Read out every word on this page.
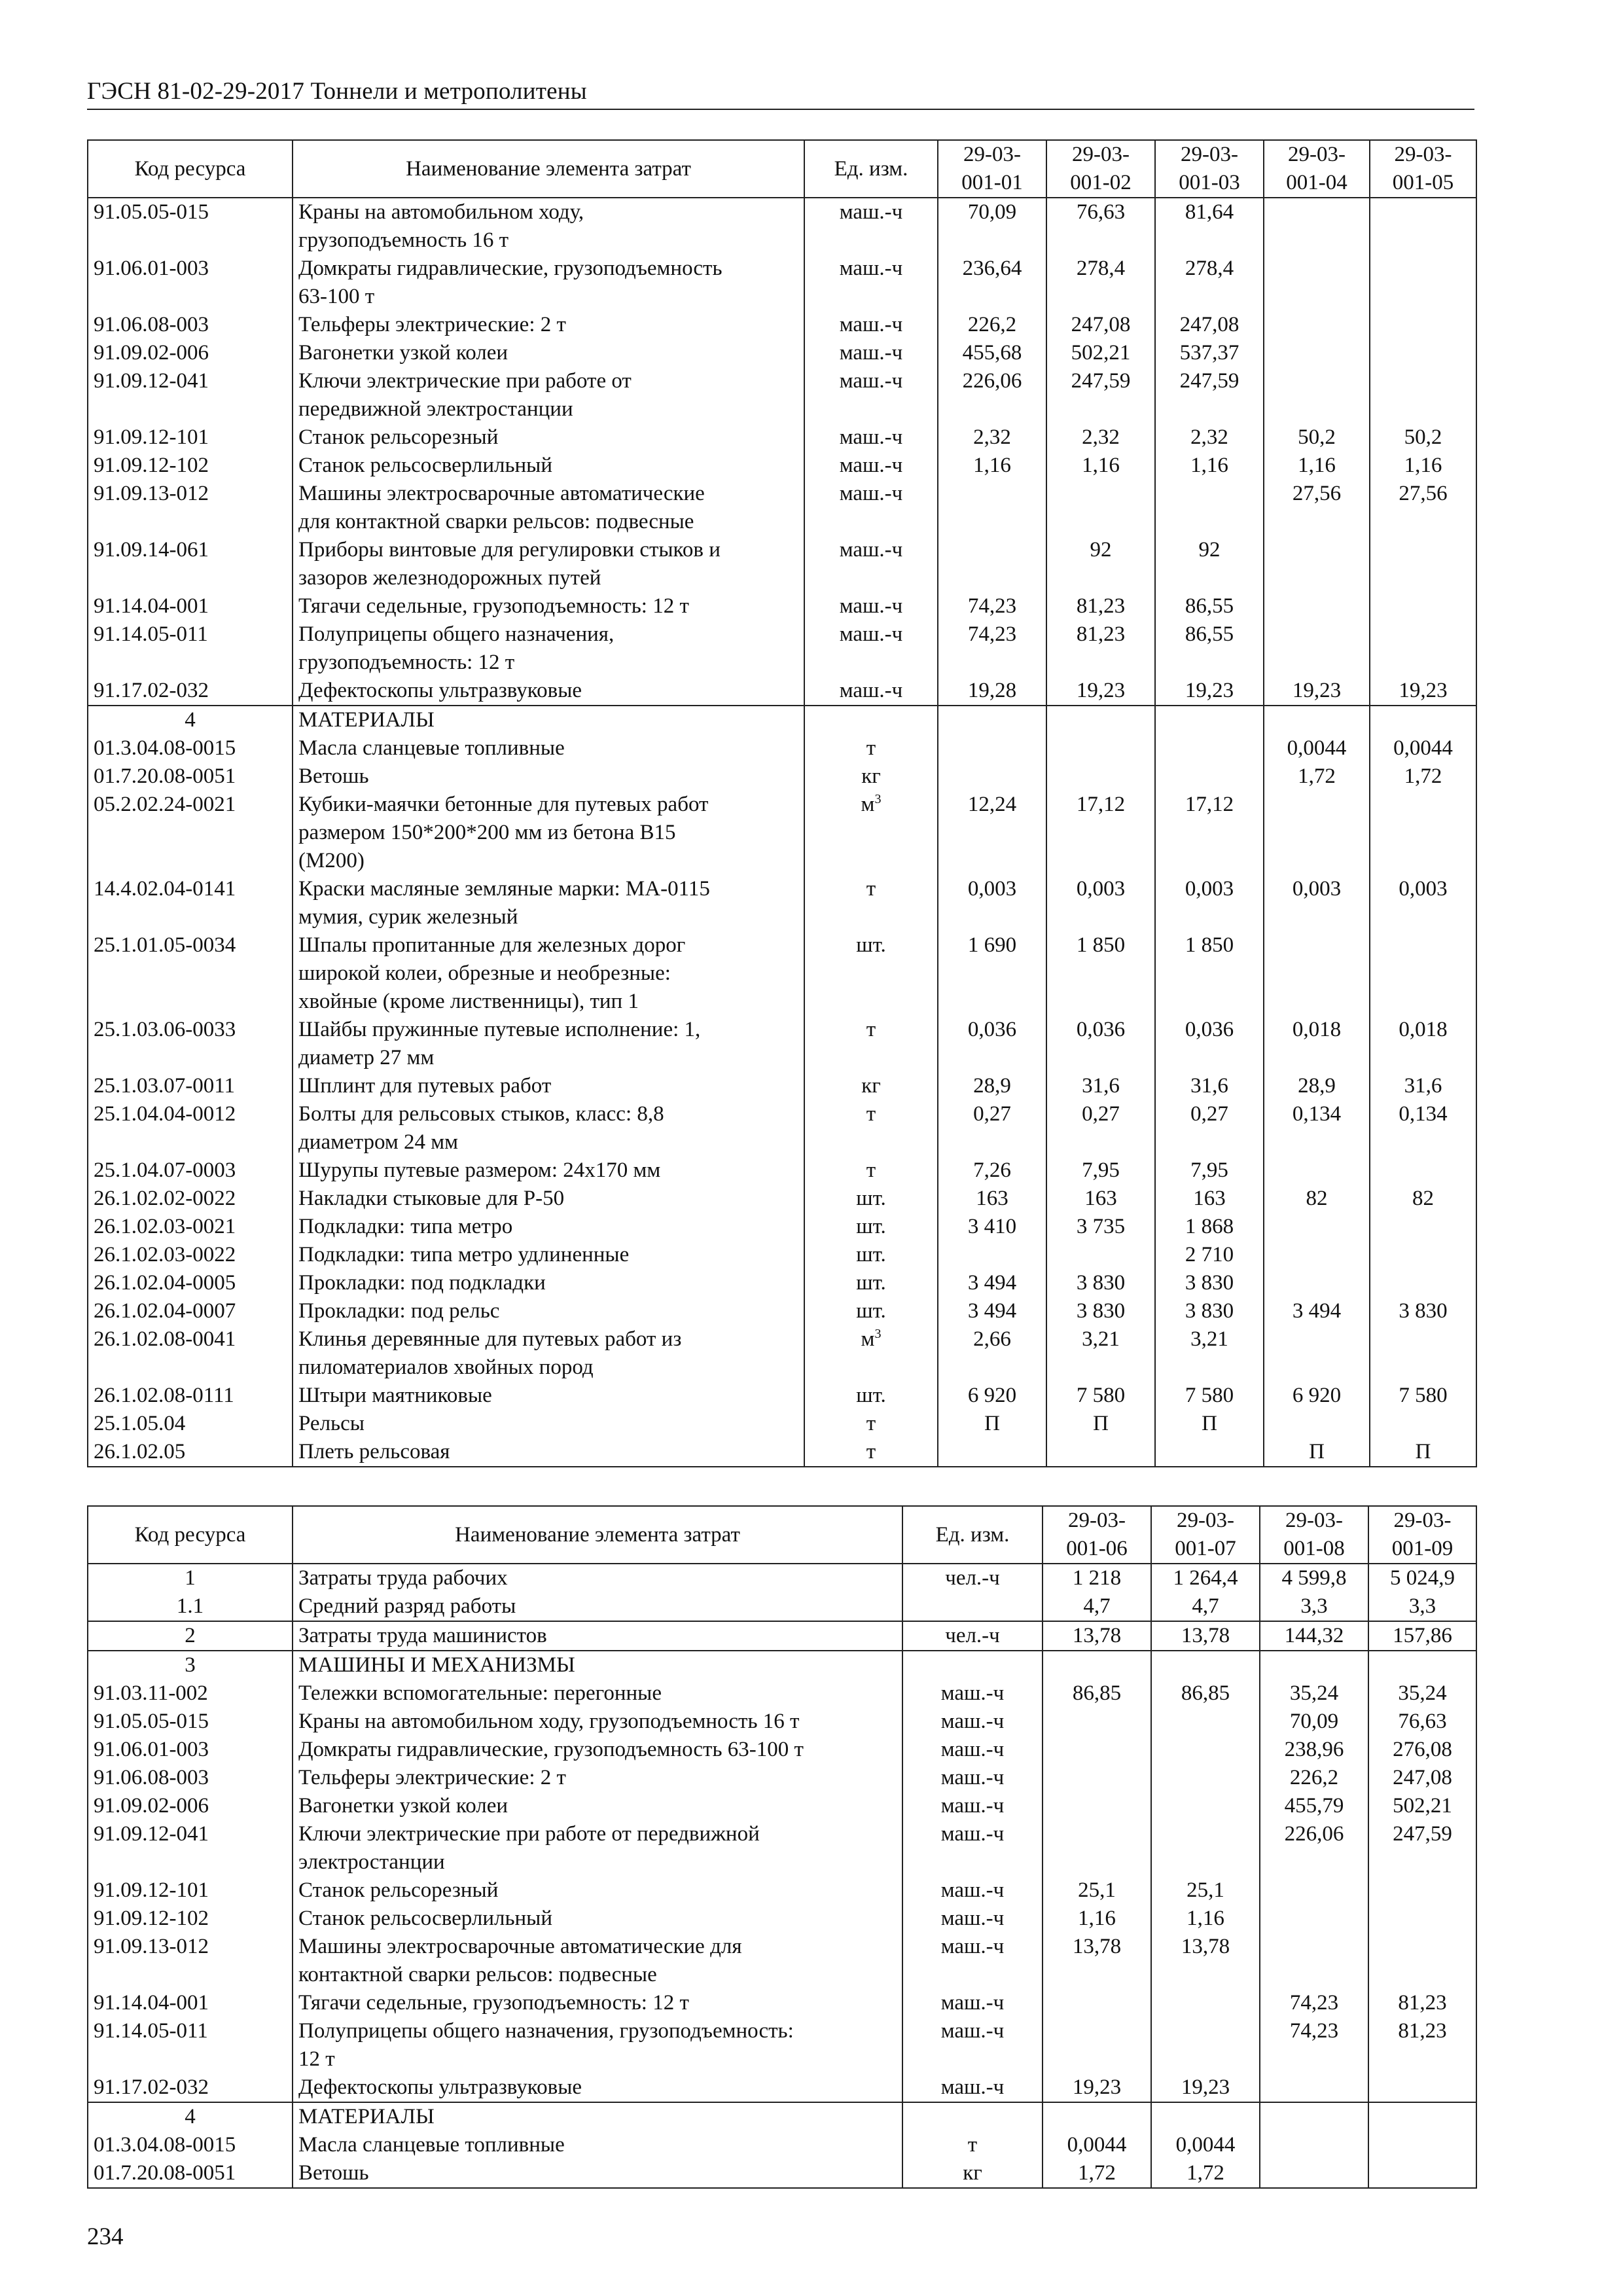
ГЭСН 81-02-29-2017 Тоннели и метрополитены
Код ресурса	Наименование элемента затрат	Ед. изм.	29-03-
001-01	29-03-
001-02	29-03-
001-03	29-03-
001-04	29-03-
001-05
91.05.05-015	Краны на автомобильном ходу,
грузоподъемность 16 т	маш.-ч	70,09	76,63	81,64		
91.06.01-003	Домкраты гидравлические, грузоподъемность
63-100 т	маш.-ч	236,64	278,4	278,4		
91.06.08-003	Тельферы электрические: 2 т	маш.-ч	226,2	247,08	247,08		
91.09.02-006	Вагонетки узкой колеи	маш.-ч	455,68	502,21	537,37		
91.09.12-041	Ключи электрические при работе от
передвижной электростанции	маш.-ч	226,06	247,59	247,59		
91.09.12-101	Станок рельсорезный	маш.-ч	2,32	2,32	2,32	50,2	50,2
91.09.12-102	Станок рельсосверлильный	маш.-ч	1,16	1,16	1,16	1,16	1,16
91.09.13-012	Машины электросварочные автоматические
для контактной сварки рельсов: подвесные	маш.-ч				27,56	27,56
91.09.14-061	Приборы винтовые для регулировки стыков и
зазоров железнодорожных путей	маш.-ч		92	92		
91.14.04-001	Тягачи седельные, грузоподъемность: 12 т	маш.-ч	74,23	81,23	86,55		
91.14.05-011	Полуприцепы общего назначения,
грузоподъемность: 12 т	маш.-ч	74,23	81,23	86,55		
91.17.02-032	Дефектоскопы ультразвуковые	маш.-ч	19,28	19,23	19,23	19,23	19,23
4	МАТЕРИАЛЫ						
01.3.04.08-0015	Масла сланцевые топливные	т				0,0044	0,0044
01.7.20.08-0051	Ветошь	кг				1,72	1,72
05.2.02.24-0021	Кубики-маячки бетонные для путевых работ
размером 150*200*200 мм из бетона В15
(М200)	$м^3$	12,24	17,12	17,12		
14.4.02.04-0141	Краски масляные земляные марки: МА-0115
мумия, сурик железный	т	0,003	0,003	0,003	0,003	0,003
25.1.01.05-0034	Шпалы пропитанные для железных дорог
широкой колеи, обрезные и необрезные:
хвойные (кроме лиственницы), тип 1	шт.	1 690	1 850	1 850		
25.1.03.06-0033	Шайбы пружинные путевые исполнение: 1,
диаметр 27 мм	т	0,036	0,036	0,036	0,018	0,018
25.1.03.07-0011	Шплинт для путевых работ	кг	28,9	31,6	31,6	28,9	31,6
25.1.04.04-0012	Болты для рельсовых стыков, класс: 8,8
диаметром 24 мм	т	0,27	0,27	0,27	0,134	0,134
25.1.04.07-0003	Шурупы путевые размером: 24х170 мм	т	7,26	7,95	7,95		
26.1.02.02-0022	Накладки стыковые для Р-50	шт.	163	163	163	82	82
26.1.02.03-0021	Подкладки: типа метро	шт.	3 410	3 735	1 868		
26.1.02.03-0022	Подкладки: типа метро удлиненные	шт.			2 710		
26.1.02.04-0005	Прокладки: под подкладки	шт.	3 494	3 830	3 830		
26.1.02.04-0007	Прокладки: под рельс	шт.	3 494	3 830	3 830	3 494	3 830
26.1.02.08-0041	Клинья деревянные для путевых работ из
пиломатериалов хвойных пород	$м^3$	2,66	3,21	3,21		
26.1.02.08-0111	Штыри маятниковые	шт.	6 920	7 580	7 580	6 920	7 580
25.1.05.04	Рельсы	т	П	П	П		
26.1.02.05	Плеть рельсовая	т				П	П
Код ресурса	Наименование элемента затрат	Ед. изм.	29-03-
001-06	29-03-
001-07	29-03-
001-08	29-03-
001-09
1	Затраты труда рабочих	чел.-ч	1 218	1 264,4	4 599,8	5 024,9
1.1	Средний разряд работы		4,7	4,7	3,3	3,3
2	Затраты труда машинистов	чел.-ч	13,78	13,78	144,32	157,86
3	МАШИНЫ И МЕХАНИЗМЫ					
91.03.11-002	Тележки вспомогательные: перегонные	маш.-ч	86,85	86,85	35,24	35,24
91.05.05-015	Краны на автомобильном ходу, грузоподъемность 16 т	маш.-ч			70,09	76,63
91.06.01-003	Домкраты гидравлические, грузоподъемность 63-100 т	маш.-ч			238,96	276,08
91.06.08-003	Тельферы электрические: 2 т	маш.-ч			226,2	247,08
91.09.02-006	Вагонетки узкой колеи	маш.-ч			455,79	502,21
91.09.12-041	Ключи электрические при работе от передвижной
электростанции	маш.-ч			226,06	247,59
91.09.12-101	Станок рельсорезный	маш.-ч	25,1	25,1		
91.09.12-102	Станок рельсосверлильный	маш.-ч	1,16	1,16		
91.09.13-012	Машины электросварочные автоматические для
контактной сварки рельсов: подвесные	маш.-ч	13,78	13,78		
91.14.04-001	Тягачи седельные, грузоподъемность: 12 т	маш.-ч			74,23	81,23
91.14.05-011	Полуприцепы общего назначения, грузоподъемность:
12 т	маш.-ч			74,23	81,23
91.17.02-032	Дефектоскопы ультразвуковые	маш.-ч	19,23	19,23		
4	МАТЕРИАЛЫ					
01.3.04.08-0015	Масла сланцевые топливные	т	0,0044	0,0044		
01.7.20.08-0051	Ветошь	кг	1,72	1,72		
234
